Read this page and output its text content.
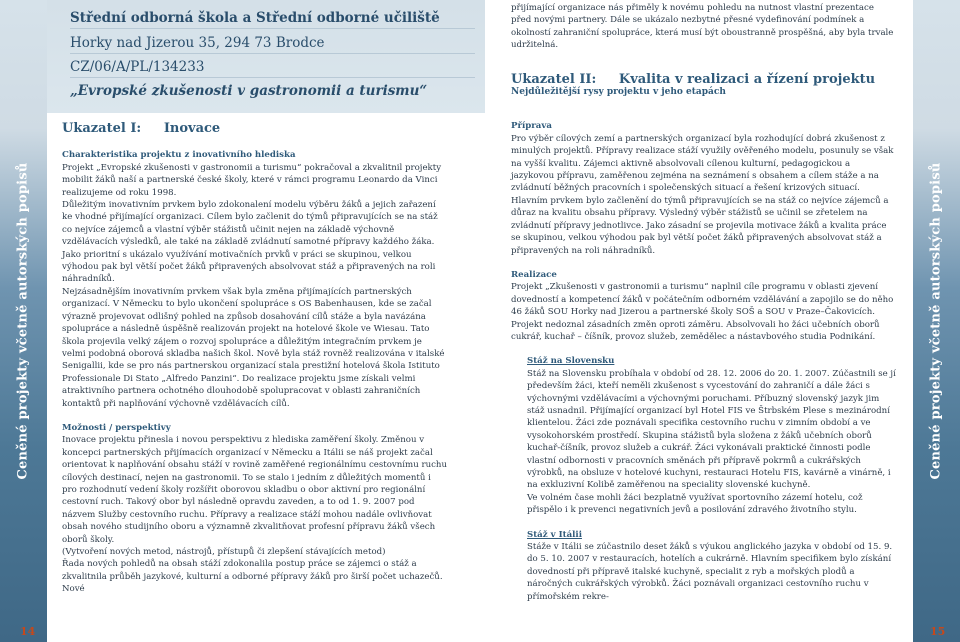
Ceněné projekty včetně autorských popisů	Ceněné projekty včetně autorských popisů
14	15
Střední odborná škola a Střední odborné učiliště
Horky nad Jizerou 35, 294 73 Brodce
CZ/06/A/PL/134233
„Evropské zkušenosti v gastronomii a turismu“

Ukazatel I:     Inovace

Charakteristika projektu z inovativního hlediska

Projekt „Evropské zkušenosti v gastronomii a turismu“ pokračoval a zkvalitnil projekty mobilit žáků naší a partnerské české školy, které v rámci programu Leonardo da Vinci realizujeme od roku 1998.

Důležitým inovativním prvkem bylo zdokonalení modelu výběru žáků a jejich zařazení ke vhodné přijímající organizaci. Cílem bylo začlenit do týmů připravujících se na stáž co nejvíce zájemců a vlastní výběr stážistů učinit nejen na základě výchovně vzdělávacích výsledků, ale také na základě zvládnutí samotné přípravy každého žáka. Jako prioritní s ukázalo využívání motivačních prvků v práci se skupinou, velkou výhodou pak byl větší počet žáků připravených absolvovat stáž a připravených na roli náhradníků.

Nejzásadnějším inovativním prvkem však byla změna přijímajících partnerských organizací. V Německu to bylo ukončení spolupráce s OS Babenhausen, kde se začal výrazně projevovat odlišný pohled na způsob dosahování cílů stáže a byla navázána spolupráce a následně úspěšně realizován projekt na hotelové škole ve Wiesau. Tato škola projevila velký zájem o rozvoj spolupráce a důležitým integračním prvkem je velmi podobná oborová skladba našich škol. Nově byla stáž rovněž realizována v italské Senigallii, kde se pro nás partnerskou organizací stala prestižní hotelová škola Istituto Professionale Di Stato „Alfredo Panzini“. Do realizace projektu jsme získali velmi atraktivního partnera ochotného dlouhodobě spolupracovat v oblasti zahraničních kontaktů při naplňování výchovně vzdělávacích cílů.

Možnosti / perspektivy

Inovace projektu přinesla i novou perspektivu z hlediska zaměření školy. Změnou v koncepci partnerských přijímacích organizací v Německu a Itálii se náš projekt začal orientovat k naplňování obsahu stáží v rovině zaměřené regionálnímu cestovnímu ruchu cílových destinací, nejen na gastronomii. To se stalo i jedním z důležitých momentů i pro rozhodnutí vedení školy rozšířit oborovou skladbu o obor aktivní pro regionální cestovní ruch. Takový obor byl následně opravdu zaveden, a to od 1. 9. 2007 pod názvem Služby cestovního ruchu. Přípravy a realizace stáží mohou nadále ovlivňovat obsah nového studijního oboru a významně zkvalitňovat profesní přípravu žáků všech oborů školy.

(Vytvoření nových metod, nástrojů, přístupů či zlepšení stávajících metod)

Řada nových pohledů na obsah stáží zdokonalila postup práce se zájemci o stáž a zkvalitnila průběh jazykové, kulturní a odborné přípravy žáků pro širší počet uchazečů. Nové

přijímající organizace nás přiměly k novému pohledu na nutnost vlastní prezentace před novými partnery. Dále se ukázalo nezbytné přesné vydefinování podmínek a okolností zahraniční spolupráce, která musí být oboustranně prospěšná, aby byla trvale udržitelná.

Ukazatel II:     Kvalita v realizaci a řízení projektu

Nejdůležitější rysy projektu v jeho etapách

Příprava

Pro výběr cílových zemí a partnerských organizací byla rozhodující dobrá zkušenost z minulých projektů. Přípravy realizace stáží využily ověřeného modelu, posunuly se však na vyšší kvalitu. Zájemci aktivně absolvovali cílenou kulturní, pedagogickou a jazykovou přípravu, zaměřenou zejména na seznámení s obsahem a cílem stáže a na zvládnutí běžných pracovních i společenských situací a řešení krizových situací. Hlavním prvkem bylo začlenění do týmů připravujících se na stáž co nejvíce zájemců a důraz na kvalitu obsahu přípravy. Výsledný výběr stážistů se učinil se zřetelem na zvládnutí přípravy jednotlivce. Jako zásadní se projevila motivace žáků a kvalita práce se skupinou, velkou výhodou pak byl větší počet žáků připravených absolvovat stáž a připravených na roli náhradníků.

Realizace

Projekt „Zkušenosti v gastronomii a turismu“ naplnil cíle programu v oblasti zjevení dovedností a kompetencí žáků v počátečním odborném vzdělávání a zapojilo se do něho 46 žáků SOU Horky nad Jizerou a partnerské školy SOŠ a SOU v Praze–Čakovicích. Projekt nedoznal zásadních změn oproti záměru. Absolvovali ho žáci učebních oborů cukrář, kuchař – číšník, provoz služeb, zemědělec a nástavbového studia Podnikání.

Stáž na Slovensku

Stáž na Slovensku probíhala v období od 28. 12. 2006 do 20. 1. 2007. Zúčastnili se jí především žáci, kteří neměli zkušenost s vycestování do zahraničí a dále žáci s výchovnými vzdělávacími a výchovnými poruchami. Příbuzný slovenský jazyk jim stáž usnadnil. Přijímající organizací byl Hotel FIS ve Štrbském Plese s mezinárodní klientelou. Žáci zde poznávali specifika cestovního ruchu v zimním období a ve vysokohorském prostředí. Skupina stážistů byla složena z žáků učebních oborů kuchař-číšník, provoz služeb a cukrář. Žáci vykonávali praktické činnosti podle vlastní odbornosti v pracovních směnách při přípravě pokrmů a cukrářských výrobků, na obsluze v hotelové kuchyni, restauraci Hotelu FIS, kavárně a vinárně, i na exkluzivní Kolibě zaměřenou na speciality slovenské kuchyně.

Ve volném čase mohli žáci bezplatně využívat sportovního zázemí hotelu, což přispělo i k prevenci negativních jevů a posilování zdravého životního stylu.

Stáž v Itálii

Stáže v Itálii se zúčastnilo deset žáků s výukou anglického jazyka v období od 15. 9. do 5. 10. 2007 v restauracích, hotelích a cukrárně. Hlavním specifikem bylo získání dovedností při přípravě italské kuchyně, specialit z ryb a mořských plodů a náročných cukrářských výrobků. Žáci poznávali organizaci cestovního ruchu v přímořském rekre-
